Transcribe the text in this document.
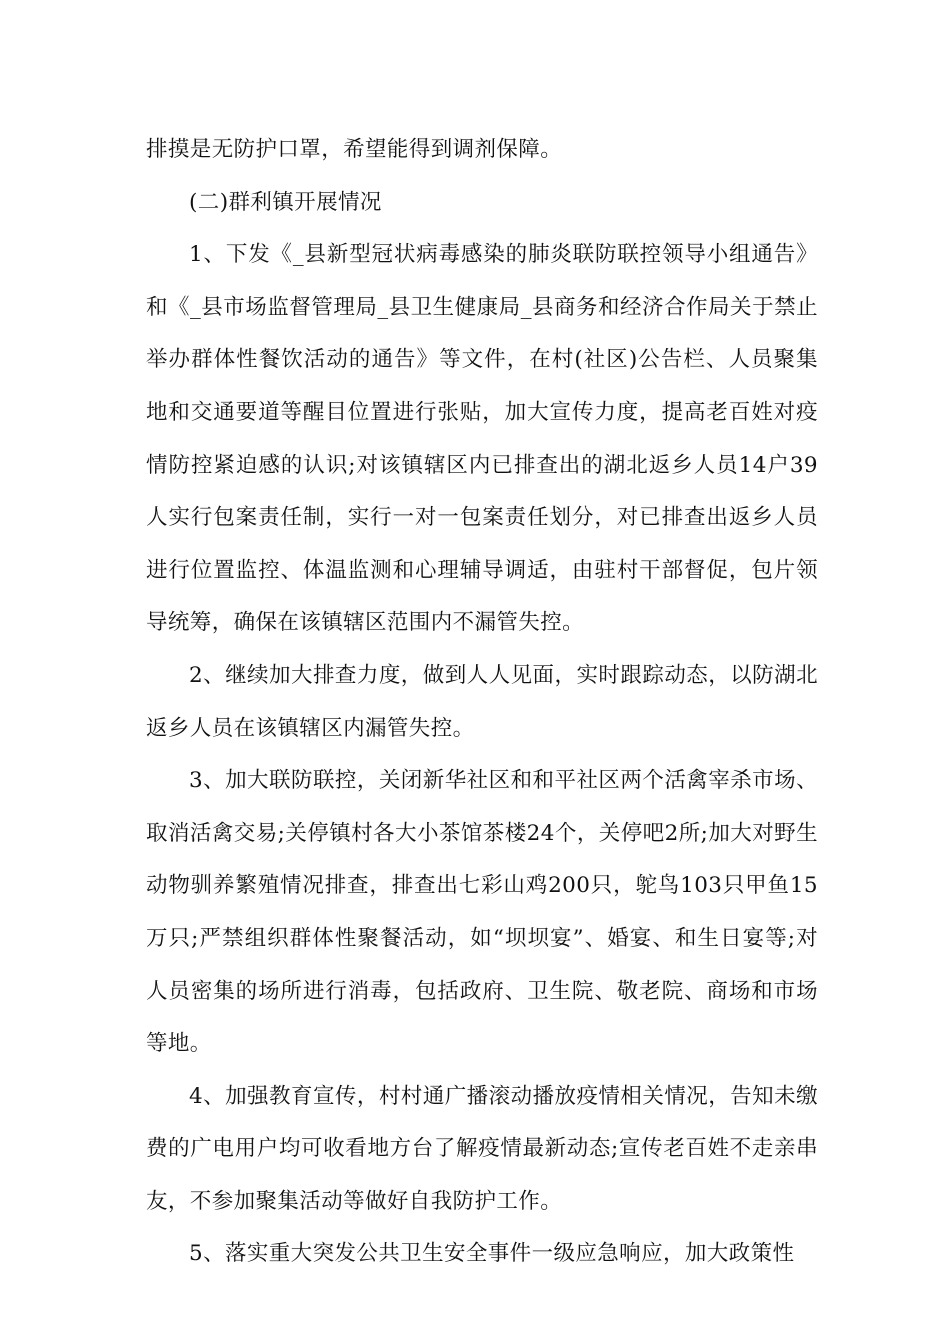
排摸是无防护口罩，希望能得到调剂保障。

(二)群利镇开展情况

1、下发《_县新型冠状病毒感染的肺炎联防联控领导小组通告》和《_县市场监督管理局_县卫生健康局_县商务和经济合作局关于禁止举办群体性餐饮活动的通告》等文件，在村(社区)公告栏、人员聚集地和交通要道等醒目位置进行张贴，加大宣传力度，提高老百姓对疫情防控紧迫感的认识;对该镇辖区内已排查出的湖北返乡人员14户39人实行包案责任制，实行一对一包案责任划分，对已排查出返乡人员进行位置监控、体温监测和心理辅导调适，由驻村干部督促，包片领导统筹，确保在该镇辖区范围内不漏管失控。

2、继续加大排查力度，做到人人见面，实时跟踪动态，以防湖北返乡人员在该镇辖区内漏管失控。

3、加大联防联控，关闭新华社区和和平社区两个活禽宰杀市场、取消活禽交易;关停镇村各大小茶馆茶楼24个，关停吧2所;加大对野生动物驯养繁殖情况排查，排查出七彩山鸡200只，鸵鸟103只甲鱼15万只;严禁组织群体性聚餐活动，如“坝坝宴”、婚宴、和生日宴等;对人员密集的场所进行消毒，包括政府、卫生院、敬老院、商场和市场等地。

4、加强教育宣传，村村通广播滚动播放疫情相关情况，告知未缴费的广电用户均可收看地方台了解疫情最新动态;宣传老百姓不走亲串友，不参加聚集活动等做好自我防护工作。

5、落实重大突发公共卫生安全事件一级应急响应，加大政策性
